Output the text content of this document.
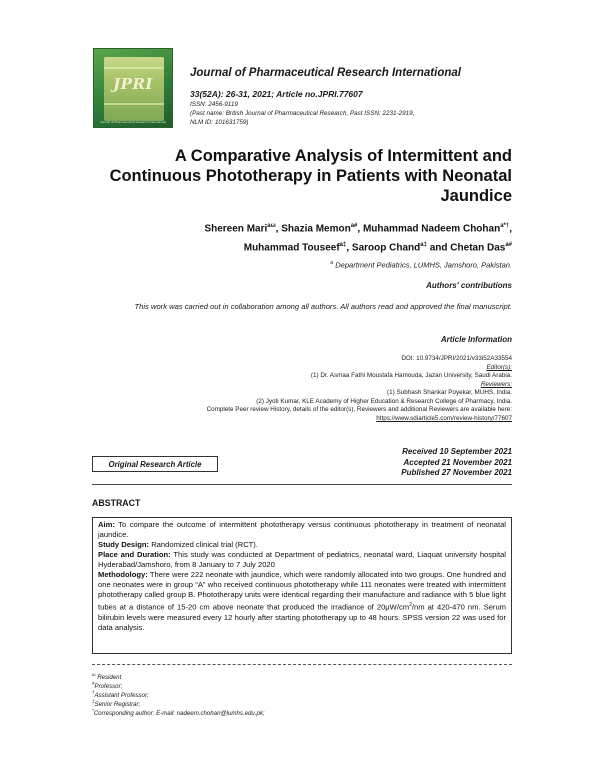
JPRI
Journal of Pharmaceutical Research International
Journal of Pharmaceutical Research International
33(52A): 26-31, 2021; Article no.JPRI.77607
ISSN: 2456-9119
(Past name: British Journal of Pharmaceutical Research, Past ISSN: 2231-2919,
NLM ID: 101631759)
A Comparative Analysis of Intermittent and
Continuous Phototherapy in Patients with Neonatal
Jaundice
Shereen Mari$^{a\omega}$, Shazia Memon$^{a\#}$, Muhammad Nadeem Chohan$^{a*\dagger}$,
Muhammad Touseef$^{a\ddagger}$, Saroop Chand$^{a\ddagger}$ and Chetan Das$^{a\#}$
$^a$ Department Pediatrics, LUMHS, Jamshoro, Pakistan.
Authors' contributions
This work was carried out in collaboration among all authors. All authors read and approved the final manuscript.
Article Information
DOI: 10.9734/JPRI/2021/v33i52A33554
Editor(s):
(1) Dr. Asmaa Fathi Moustafa Hamouda, Jazan University, Saudi Arabia.
Reviewers:
(1) Subhash Shankar Poyekar, MUHS, India.
(2) Jyoti Kumar, KLE Academy of Higher Education & Research College of Pharmacy, India.
Complete Peer review History, details of the editor(s), Reviewers and additional Reviewers are available here:
https://www.sdiarticle5.com/review-history/77607
Original Research Article
Received 10 September 2021
Accepted 21 November 2021
Published 27 November 2021
ABSTRACT
Aim: To compare the outcome of intermittent phototherapy versus continuous phototherapy in treatment of neonatal jaundice.
Study Design: Randomized clinical trial (RCT).
Place and Duration: This study was conducted at Department of pediatrics, neonatal ward, Liaquat university hospital Hyderabad/Jamshoro, from 8 January to 7 July 2020
Methodology: There were 222 neonate with jaundice, which were randomly allocated into two groups. One hundred and one neonates were in group “A” who received continuous phototherapy while 111 neonates were treated with intermittent phototherapy called group B. Phototherapy units were identical regarding their manufacture and radiance with 5 blue light tubes at a distance of 15-20 cm above neonate that produced the irradiance of $20\mu W/cm^2/nm$ at 420-470 nm. Serum bilirubin levels were measured every 12 hourly after starting phototherapy up to 48 hours. SPSS version 22 was used for data analysis.
$^\omega$ Resident
#Professor;
†Assistant Professor;
‡Senior Registrar;
*Corresponding author: E-mail: nadeem.chohan@lumhs.edu.pk;
